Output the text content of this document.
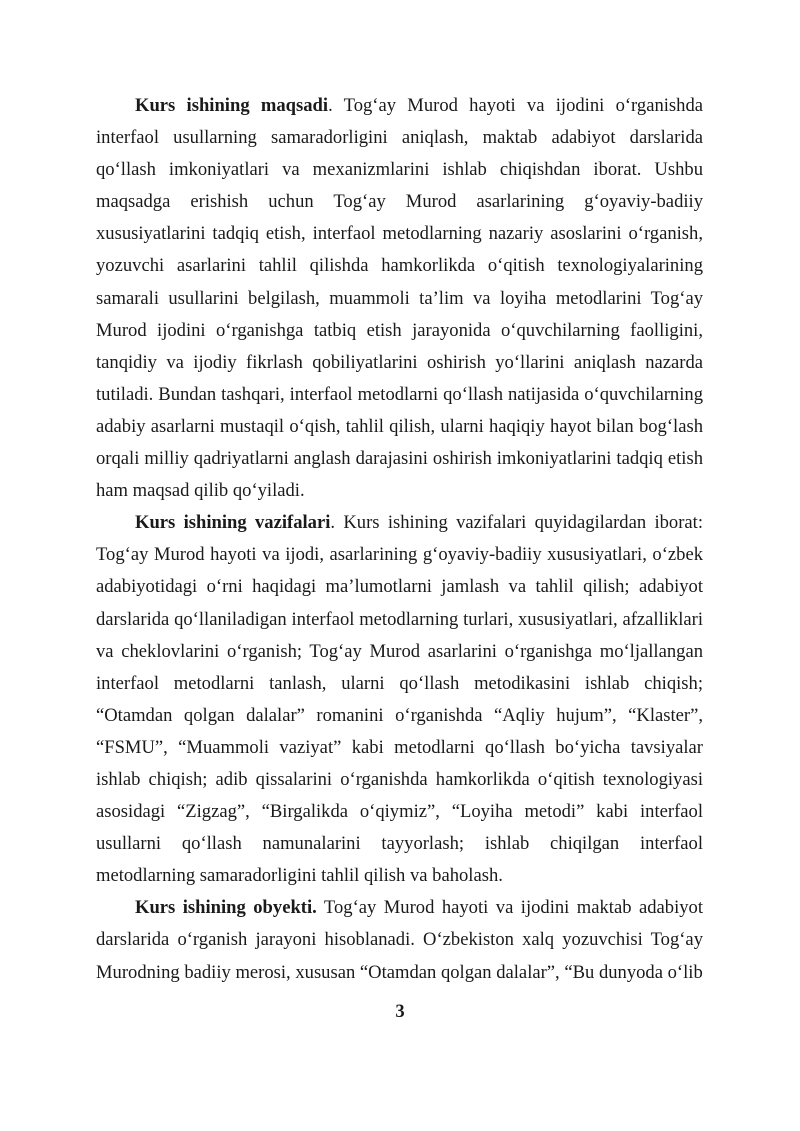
Kurs ishining maqsadi. Tog‘ay Murod hayoti va ijodini o‘rganishda interfaol usullarning samaradorligini aniqlash, maktab adabiyot darslarida qo‘llash imkoniyatlari va mexanizmlarini ishlab chiqishdan iborat. Ushbu maqsadga erishish uchun Tog‘ay Murod asarlarining g‘oyaviy-badiiy xususiyatlarini tadqiq etish, interfaol metodlarning nazariy asoslarini o‘rganish, yozuvchi asarlarini tahlil qilishda hamkorlikda o‘qitish texnologiyalarining samarali usullarini belgilash, muammoli ta’lim va loyiha metodlarini Tog‘ay Murod ijodini o‘rganishga tatbiq etish jarayonida o‘quvchilarning faolligini, tanqidiy va ijodiy fikrlash qobiliyatlarini oshirish yo‘llarini aniqlash nazarda tutiladi. Bundan tashqari, interfaol metodlarni qo‘llash natijasida o‘quvchilarning adabiy asarlarni mustaqil o‘qish, tahlil qilish, ularni haqiqiy hayot bilan bog‘lash orqali milliy qadriyatlarni anglash darajasini oshirish imkoniyatlarini tadqiq etish ham maqsad qilib qo‘yiladi.

Kurs ishining vazifalari. Kurs ishining vazifalari quyidagilardan iborat: Tog‘ay Murod hayoti va ijodi, asarlarining g‘oyaviy-badiiy xususiyatlari, o‘zbek adabiyotidagi o‘rni haqidagi ma’lumotlarni jamlash va tahlil qilish; adabiyot darslarida qo‘llaniladigan interfaol metodlarning turlari, xususiyatlari, afzalliklari va cheklovlarini o‘rganish; Tog‘ay Murod asarlarini o‘rganishga mo‘ljallangan interfaol metodlarni tanlash, ularni qo‘llash metodikasini ishlab chiqish; “Otamdan qolgan dalalar” romanini o‘rganishda “Aqliy hujum”, “Klaster”, “FSMU”, “Muammoli vaziyat” kabi metodlarni qo‘llash bo‘yicha tavsiyalar ishlab chiqish; adib qissalarini o‘rganishda hamkorlikda o‘qitish texnologiyasi asosidagi “Zigzag”, “Birgalikda o‘qiymiz”, “Loyiha metodi” kabi interfaol usullarni qo‘llash namunalarini tayyorlash; ishlab chiqilgan interfaol metodlarning samaradorligini tahlil qilish va baholash.

Kurs ishining obyekti. Tog‘ay Murod hayoti va ijodini maktab adabiyot darslarida o‘rganish jarayoni hisoblanadi. O‘zbekiston xalq yozuvchisi Tog‘ay Murodning badiiy merosi, xususan “Otamdan qolgan dalalar”, “Bu dunyoda o‘lib

3
